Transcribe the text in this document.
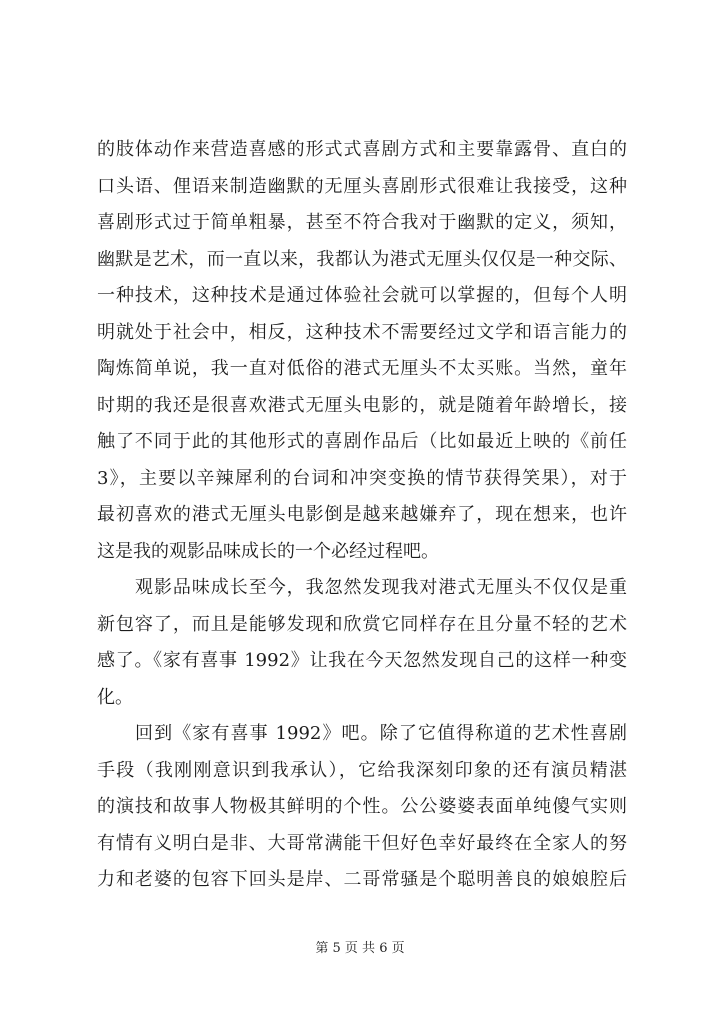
的肢体动作来营造喜感的形式式喜剧方式和主要靠露骨、直白的
口头语、俚语来制造幽默的无厘头喜剧形式很难让我接受，这种
喜剧形式过于简单粗暴，甚至不符合我对于幽默的定义，须知，
幽默是艺术，而一直以来，我都认为港式无厘头仅仅是一种交际、
一种技术，这种技术是通过体验社会就可以掌握的，但每个人明
明就处于社会中，相反，这种技术不需要经过文学和语言能力的
陶炼简单说，我一直对低俗的港式无厘头不太买账。当然，童年
时期的我还是很喜欢港式无厘头电影的，就是随着年龄增长，接
触了不同于此的其他形式的喜剧作品后（比如最近上映的《前任
3》，主要以辛辣犀利的台词和冲突变换的情节获得笑果），对于
最初喜欢的港式无厘头电影倒是越来越嫌弃了，现在想来，也许
这是我的观影品味成长的一个必经过程吧。
观影品味成长至今，我忽然发现我对港式无厘头不仅仅是重
新包容了，而且是能够发现和欣赏它同样存在且分量不轻的艺术
感了。《家有喜事 1992》让我在今天忽然发现自己的这样一种变
化。
回到《家有喜事 1992》吧。除了它值得称道的艺术性喜剧
手段（我刚刚意识到我承认），它给我深刻印象的还有演员精湛
的演技和故事人物极其鲜明的个性。公公婆婆表面单纯傻气实则
有情有义明白是非、大哥常满能干但好色幸好最终在全家人的努
力和老婆的包容下回头是岸、二哥常骚是个聪明善良的娘娘腔后
第 5 页 共 6 页
